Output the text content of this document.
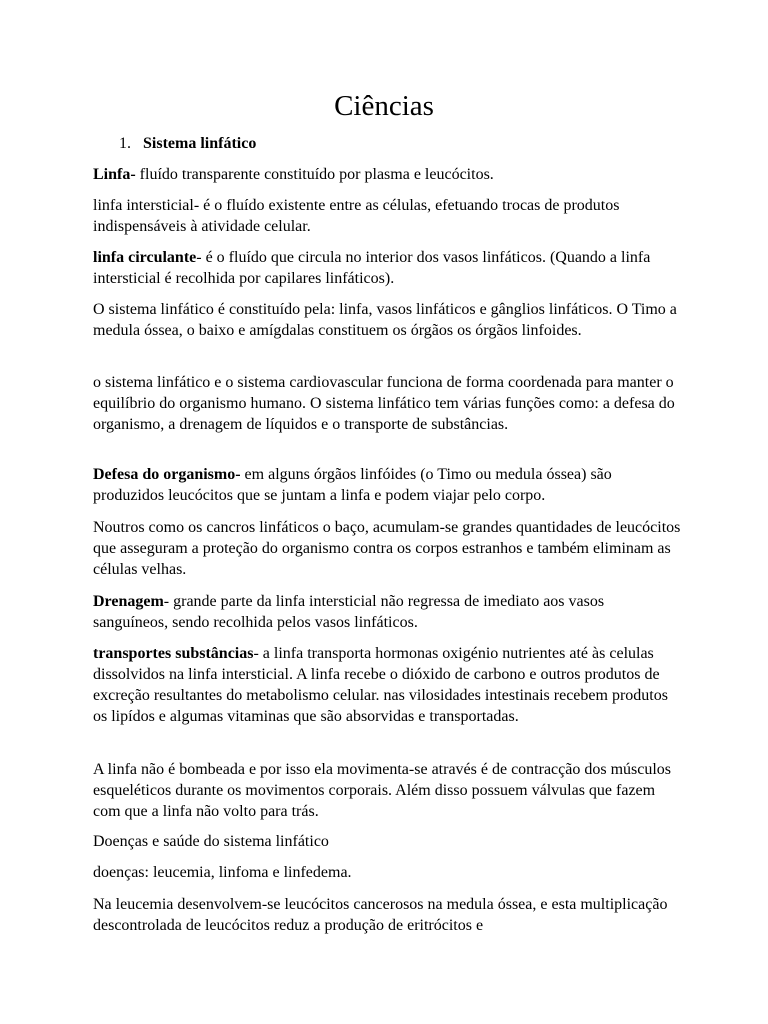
Ciências
1. Sistema linfático

Linfa- fluído transparente constituído por plasma e leucócitos.

linfa intersticial- é o fluído existente entre as células, efetuando trocas de produtos indispensáveis à atividade celular.

linfa circulante- é o fluído que circula no interior dos vasos linfáticos. (Quando a linfa intersticial é recolhida por capilares linfáticos).

O sistema linfático é constituído pela: linfa, vasos linfáticos e gânglios linfáticos. O Timo a medula óssea, o baixo e amígdalas constituem os órgãos os órgãos linfoides.

o sistema linfático e o sistema cardiovascular funciona de forma coordenada para manter o equilíbrio do organismo humano. O sistema linfático tem várias funções como: a defesa do organismo, a drenagem de líquidos e o transporte de substâncias.

Defesa do organismo- em alguns órgãos linfóides (o Timo ou medula óssea) são produzidos leucócitos que se juntam a linfa e podem viajar pelo corpo.

Noutros como os cancros linfáticos o baço, acumulam-se grandes quantidades de leucócitos que asseguram a proteção do organismo contra os corpos estranhos e também eliminam as células velhas.

Drenagem- grande parte da linfa intersticial não regressa de imediato aos vasos sanguíneos, sendo recolhida pelos vasos linfáticos.

transportes substâncias- a linfa transporta hormonas oxigénio nutrientes até às celulas dissolvidos na linfa intersticial. A linfa recebe o dióxido de carbono e outros produtos de excreção resultantes do metabolismo celular. nas vilosidades intestinais recebem produtos os lipídos e algumas vitaminas que são absorvidas e transportadas.

A linfa não é bombeada e por isso ela movimenta-se através é de contracção dos músculos esqueléticos durante os movimentos corporais. Além disso possuem válvulas que fazem com que a linfa não volto para trás.

Doenças e saúde do sistema linfático

doenças: leucemia, linfoma e linfedema.

Na leucemia desenvolvem-se leucócitos cancerosos na medula óssea, e esta multiplicação descontrolada de leucócitos reduz a produção de eritrócitos e
